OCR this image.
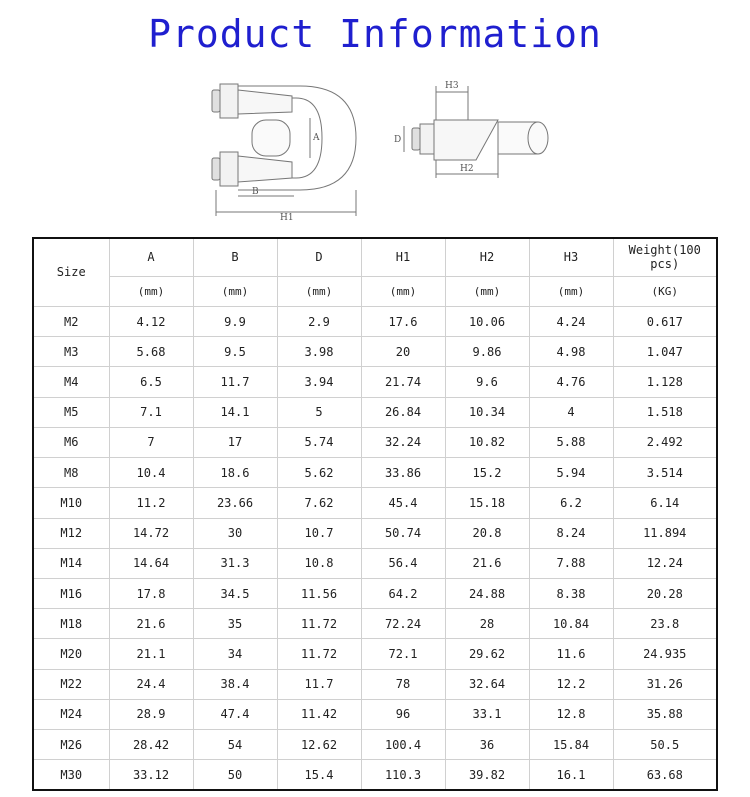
Product Information
A
B
H1
H3
D
H2
Size	A	B	D	H1	H2	H3	Weight(100 pcs)
	(mm)	(mm)	(mm)	(mm)	(mm)	(mm)	(KG)
M2	4.12	9.9	2.9	17.6	10.06	4.24	0.617
M3	5.68	9.5	3.98	20	9.86	4.98	1.047
M4	6.5	11.7	3.94	21.74	9.6	4.76	1.128
M5	7.1	14.1	5	26.84	10.34	4	1.518
M6	7	17	5.74	32.24	10.82	5.88	2.492
M8	10.4	18.6	5.62	33.86	15.2	5.94	3.514
M10	11.2	23.66	7.62	45.4	15.18	6.2	6.14
M12	14.72	30	10.7	50.74	20.8	8.24	11.894
M14	14.64	31.3	10.8	56.4	21.6	7.88	12.24
M16	17.8	34.5	11.56	64.2	24.88	8.38	20.28
M18	21.6	35	11.72	72.24	28	10.84	23.8
M20	21.1	34	11.72	72.1	29.62	11.6	24.935
M22	24.4	38.4	11.7	78	32.64	12.2	31.26
M24	28.9	47.4	11.42	96	33.1	12.8	35.88
M26	28.42	54	12.62	100.4	36	15.84	50.5
M30	33.12	50	15.4	110.3	39.82	16.1	63.68
